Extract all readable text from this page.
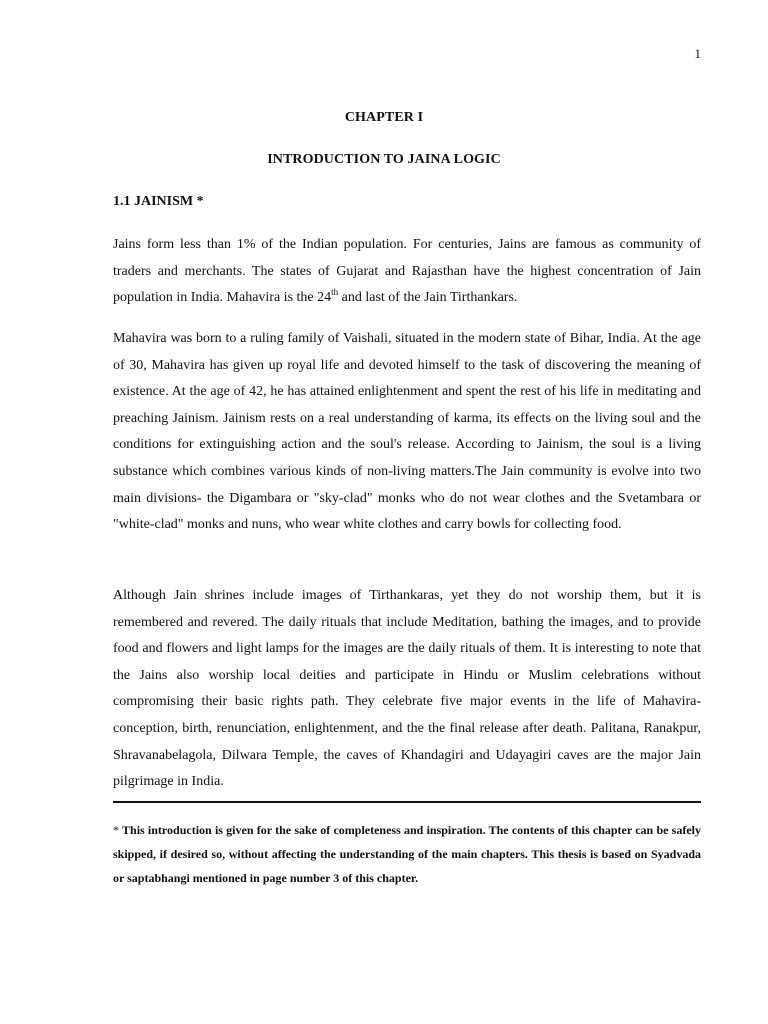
1
CHAPTER I
INTRODUCTION TO JAINA LOGIC
1.1 JAINISM *

Jains form less than 1% of the Indian population. For centuries, Jains are famous as community of traders and merchants. The states of Gujarat and Rajasthan have the highest concentration of Jain population in India. Mahavira is the 24th and last of the Jain Tirthankars.

Mahavira was born to a ruling family of Vaishali, situated in the modern state of Bihar, India. At the age of 30, Mahavira has given up royal life and devoted himself to the task of discovering the meaning of existence. At the age of 42, he has attained enlightenment and spent the rest of his life in meditating and preaching Jainism. Jainism rests on a real understanding of karma, its effects on the living soul and the conditions for extinguishing action and the soul's release. According to Jainism, the soul is a living substance which combines various kinds of non-living matters.The Jain community is evolve into two main divisions- the Digambara or "sky-clad" monks who do not wear clothes and the Svetambara or "white-clad" monks and nuns, who wear white clothes and carry bowls for collecting food.

Although Jain shrines include images of Tirthankaras, yet they do not worship them, but it is remembered and revered. The daily rituals that include Meditation, bathing the images, and to provide food and flowers and light lamps for the images are the daily rituals of them. It is interesting to note that the Jains also worship local deities and participate in Hindu or Muslim celebrations without compromising their basic rights path. They celebrate five major events in the life of Mahavira- conception, birth, renunciation, enlightenment, and the the final release after death. Palitana, Ranakpur, Shravanabelagola, Dilwara Temple, the caves of Khandagiri and Udayagiri caves are the major Jain pilgrimage in India.

* This introduction is given for the sake of completeness and inspiration. The contents of this chapter can be safely skipped, if desired so, without affecting the understanding of the main chapters. This thesis is based on Syadvada or saptabhangi mentioned in page number 3 of this chapter.
